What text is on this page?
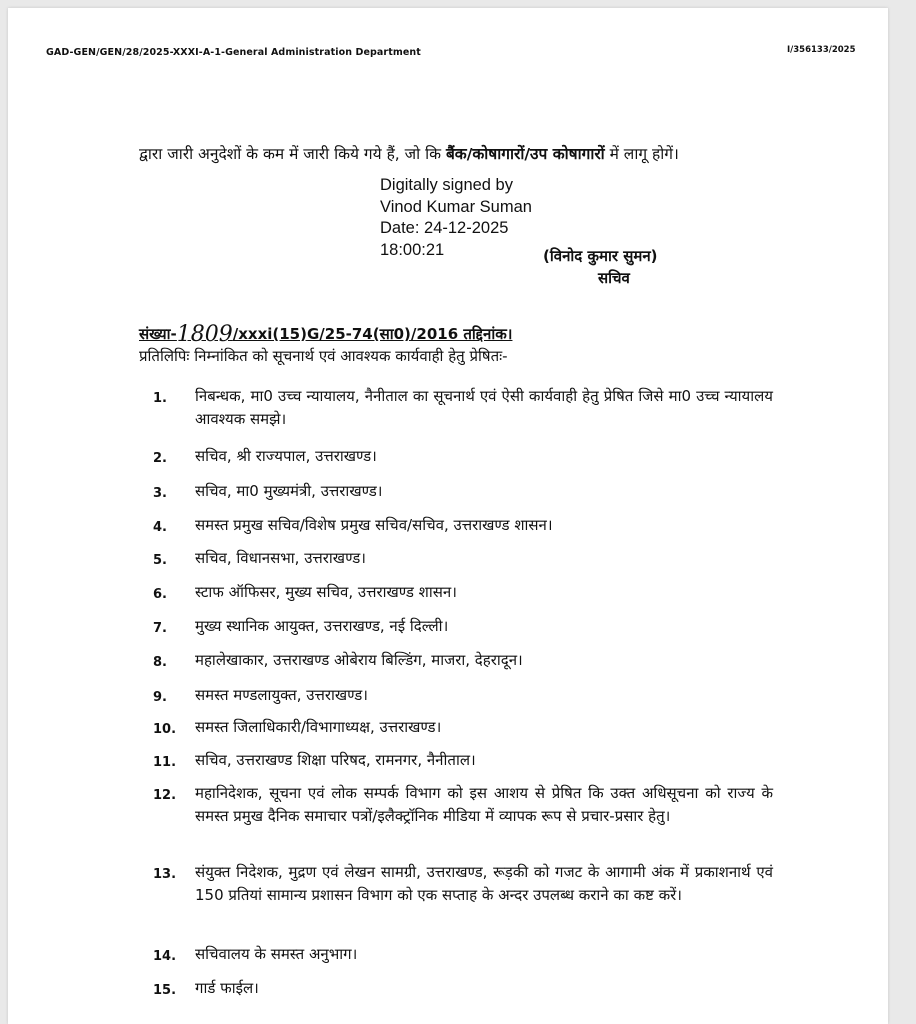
GAD-GEN/GEN/28/2025-XXXI-A-1-General Administration Department	I/356133/2025
द्वारा जारी अनुदेशों के कम में जारी किये गये हैं, जो कि बैंक/कोषागारों/उप कोषागारों में लागू होगें।
Digitally signed by
Vinod Kumar Suman
Date: 24-12-2025
18:00:21	(विनोद कुमार सुमन)
सचिव
संख्या-1809/xxxi(15)G/25-74(सा0)/2016 तद्दिनांक।
प्रतिलिपिः निम्नांकित को सूचनार्थ एवं आवश्यक कार्यवाही हेतु प्रेषितः-
1.	निबन्धक, मा0 उच्च न्यायालय, नैनीताल का सूचनार्थ एवं ऐसी कार्यवाही हेतु प्रेषित जिसे मा0 उच्च न्यायालय आवश्यक समझे।
2.	सचिव, श्री राज्यपाल, उत्तराखण्ड।
3.	सचिव, मा0 मुख्यमंत्री, उत्तराखण्ड।
4.	समस्त प्रमुख सचिव/विशेष प्रमुख सचिव/सचिव, उत्तराखण्ड शासन।
5.	सचिव, विधानसभा, उत्तराखण्ड।
6.	स्टाफ ऑफिसर, मुख्य सचिव, उत्तराखण्ड शासन।
7.	मुख्य स्थानिक आयुक्त, उत्तराखण्ड, नई दिल्ली।
8.	महालेखाकार, उत्तराखण्ड ओबेराय बिल्डिंग, माजरा, देहरादून।
9.	समस्त मण्डलायुक्त, उत्तराखण्ड।
10.	समस्त जिलाधिकारी/विभागाध्यक्ष, उत्तराखण्ड।
11.	सचिव, उत्तराखण्ड शिक्षा परिषद, रामनगर, नैनीताल।
12.	महानिदेशक, सूचना एवं लोक सम्पर्क विभाग को इस आशय से प्रेषित कि उक्त अधिसूचना को राज्य के समस्त प्रमुख दैनिक समाचार पत्रों/इलैक्ट्रॉनिक मीडिया में व्यापक रूप से प्रचार-प्रसार हेतु।
13.	संयुक्त निदेशक, मुद्रण एवं लेखन सामग्री, उत्तराखण्ड, रूड़की को गजट के आगामी अंक में प्रकाशनार्थ एवं 150 प्रतियां सामान्य प्रशासन विभाग को एक सप्ताह के अन्दर उपलब्ध कराने का कष्ट करें।
14.	सचिवालय के समस्त अनुभाग।
15.	गार्ड फाईल।
